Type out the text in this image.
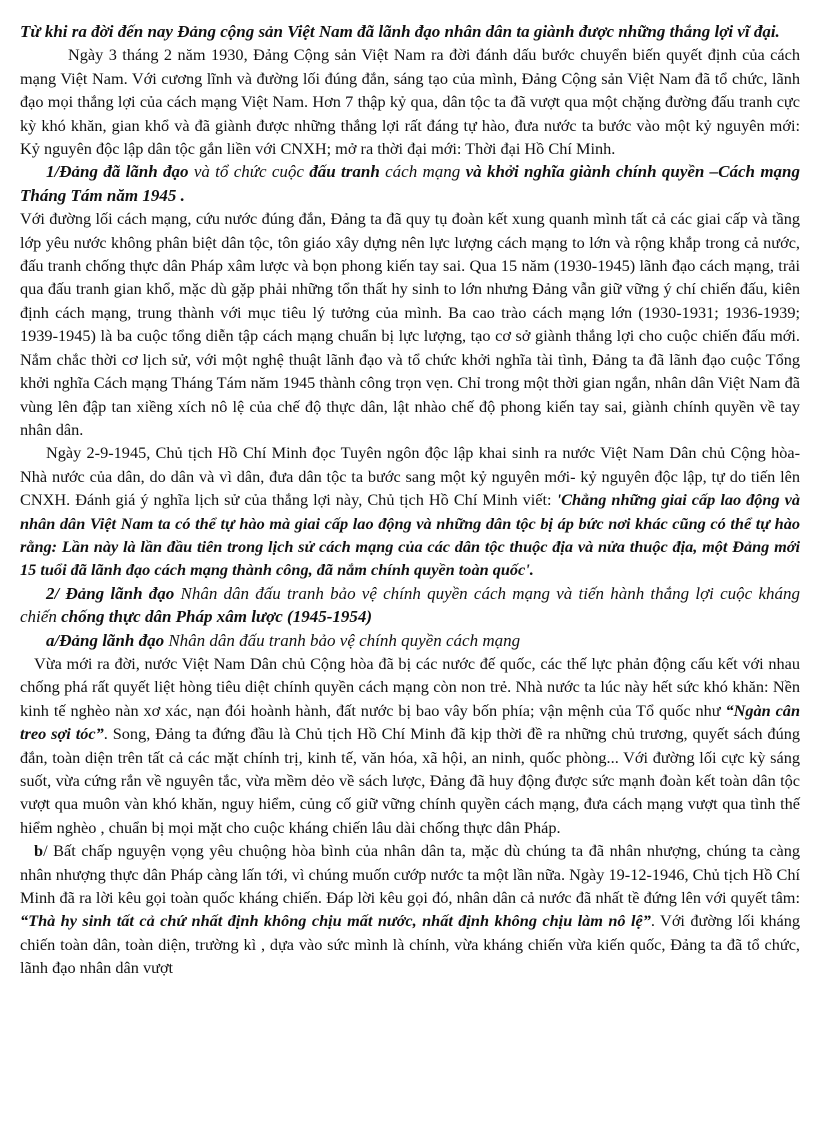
Từ khi ra đời đến nay Đảng cộng sản Việt Nam đã lãnh đạo nhân dân ta giành được những thắng lợi vĩ đại.

Ngày 3 tháng 2 năm 1930, Đảng Cộng sản Việt Nam ra đời đánh dấu bước chuyển biến quyết định của cách mạng Việt Nam. Với cương lĩnh và đường lối đúng đắn, sáng tạo của mình, Đảng Cộng sản Việt Nam đã tổ chức, lãnh đạo mọi thắng lợi của cách mạng Việt Nam. Hơn 7 thập kỷ qua, dân tộc ta đã vượt qua một chặng đường đấu tranh cực kỳ khó khăn, gian khổ và đã giành được những thắng lợi rất đáng tự hào, đưa nước ta bước vào một kỷ nguyên mới: Kỷ nguyên độc lập dân tộc gắn liền với CNXH; mở ra thời đại mới: Thời đại Hồ Chí Minh.

1/Đảng đã lãnh đạo và tổ chức cuộc đấu tranh cách mạng và khởi nghĩa giành chính quyền –Cách mạng Tháng Tám năm 1945 .

Với đường lối cách mạng, cứu nước đúng đắn, Đảng ta đã quy tụ đoàn kết xung quanh mình tất cả các giai cấp và tầng lớp yêu nước không phân biệt dân tộc, tôn giáo xây dựng nên lực lượng cách mạng to lớn và rộng khắp trong cả nước, đấu tranh chống thực dân Pháp xâm lược và bọn phong kiến tay sai. Qua 15 năm (1930-1945) lãnh đạo cách mạng, trải qua đấu tranh gian khổ, mặc dù gặp phải những tổn thất hy sinh to lớn nhưng Đảng vẫn giữ vững ý chí chiến đấu, kiên định cách mạng, trung thành với mục tiêu lý tưởng của mình. Ba cao trào cách mạng lớn (1930-1931; 1936-1939; 1939-1945) là ba cuộc tổng diễn tập cách mạng chuẩn bị lực lượng, tạo cơ sở giành thắng lợi cho cuộc chiến đấu mới. Nắm chắc thời cơ lịch sử, với một nghệ thuật lãnh đạo và tổ chức khởi nghĩa tài tình, Đảng ta đã lãnh đạo cuộc Tổng khởi nghĩa Cách mạng Tháng Tám năm 1945 thành công trọn vẹn. Chỉ trong một thời gian ngắn, nhân dân Việt Nam đã vùng lên đập tan xiềng xích nô lệ của chế độ thực dân, lật nhào chế độ phong kiến tay sai, giành chính quyền về tay nhân dân.

Ngày 2-9-1945, Chủ tịch Hồ Chí Minh đọc Tuyên ngôn độc lập khai sinh ra nước Việt Nam Dân chủ Cộng hòa- Nhà nước của dân, do dân và vì dân, đưa dân tộc ta bước sang một kỷ nguyên mới- kỷ nguyên độc lập, tự do tiến lên CNXH. Đánh giá ý nghĩa lịch sử của thắng lợi này, Chủ tịch Hồ Chí Minh viết: 'Chẳng những giai cấp lao động và nhân dân Việt Nam ta có thể tự hào mà giai cấp lao động và những dân tộc bị áp bức nơi khác cũng có thể tự hào rằng: Lần này là lần đầu tiên trong lịch sử cách mạng của các dân tộc thuộc địa và nửa thuộc địa, một Đảng mới 15 tuổi đã lãnh đạo cách mạng thành công, đã nắm chính quyền toàn quốc'.

2/ Đảng lãnh đạo Nhân dân đấu tranh bảo vệ chính quyền cách mạng và tiến hành thắng lợi cuộc kháng chiến chống thực dân Pháp xâm lược (1945-1954)

a/Đảng lãnh đạo Nhân dân đấu tranh bảo vệ chính quyền cách mạng

Vừa mới ra đời, nước Việt Nam Dân chủ Cộng hòa đã bị các nước đế quốc, các thế lực phản động cấu kết với nhau chống phá rất quyết liệt hòng tiêu diệt chính quyền cách mạng còn non trẻ. Nhà nước ta lúc này hết sức khó khăn: Nền kinh tế nghèo nàn xơ xác, nạn đói hoành hành, đất nước bị bao vây bốn phía; vận mệnh của Tổ quốc như “Ngàn cân treo sợi tóc”. Song, Đảng ta đứng đầu là Chủ tịch Hồ Chí Minh đã kịp thời đề ra những chủ trương, quyết sách đúng đắn, toàn diện trên tất cả các mặt chính trị, kinh tế, văn hóa, xã hội, an ninh, quốc phòng... Với đường lối cực kỳ sáng suốt, vừa cứng rắn về nguyên tắc, vừa mềm dẻo về sách lược, Đảng đã huy động được sức mạnh đoàn kết toàn dân tộc vượt qua muôn vàn khó khăn, nguy hiểm, củng cố giữ vững chính quyền cách mạng, đưa cách mạng vượt qua tình thế hiểm nghèo , chuẩn bị mọi mặt cho cuộc kháng chiến lâu dài chống thực dân Pháp.

b/ Bất chấp nguyện vọng yêu chuộng hòa bình của nhân dân ta, mặc dù chúng ta đã nhân nhượng, chúng ta càng nhân nhượng thực dân Pháp càng lấn tới, vì chúng muốn cướp nước ta một lần nữa. Ngày 19-12-1946, Chủ tịch Hồ Chí Minh đã ra lời kêu gọi toàn quốc kháng chiến. Đáp lời kêu gọi đó, nhân dân cả nước đã nhất tề đứng lên với quyết tâm: “Thà hy sinh tất cả chứ nhất định không chịu mất nước, nhất định không chịu làm nô lệ”. Với đường lối kháng chiến toàn dân, toàn diện, trường kì , dựa vào sức mình là chính, vừa kháng chiến vừa kiến quốc, Đảng ta đã tổ chức, lãnh đạo nhân dân vượt
